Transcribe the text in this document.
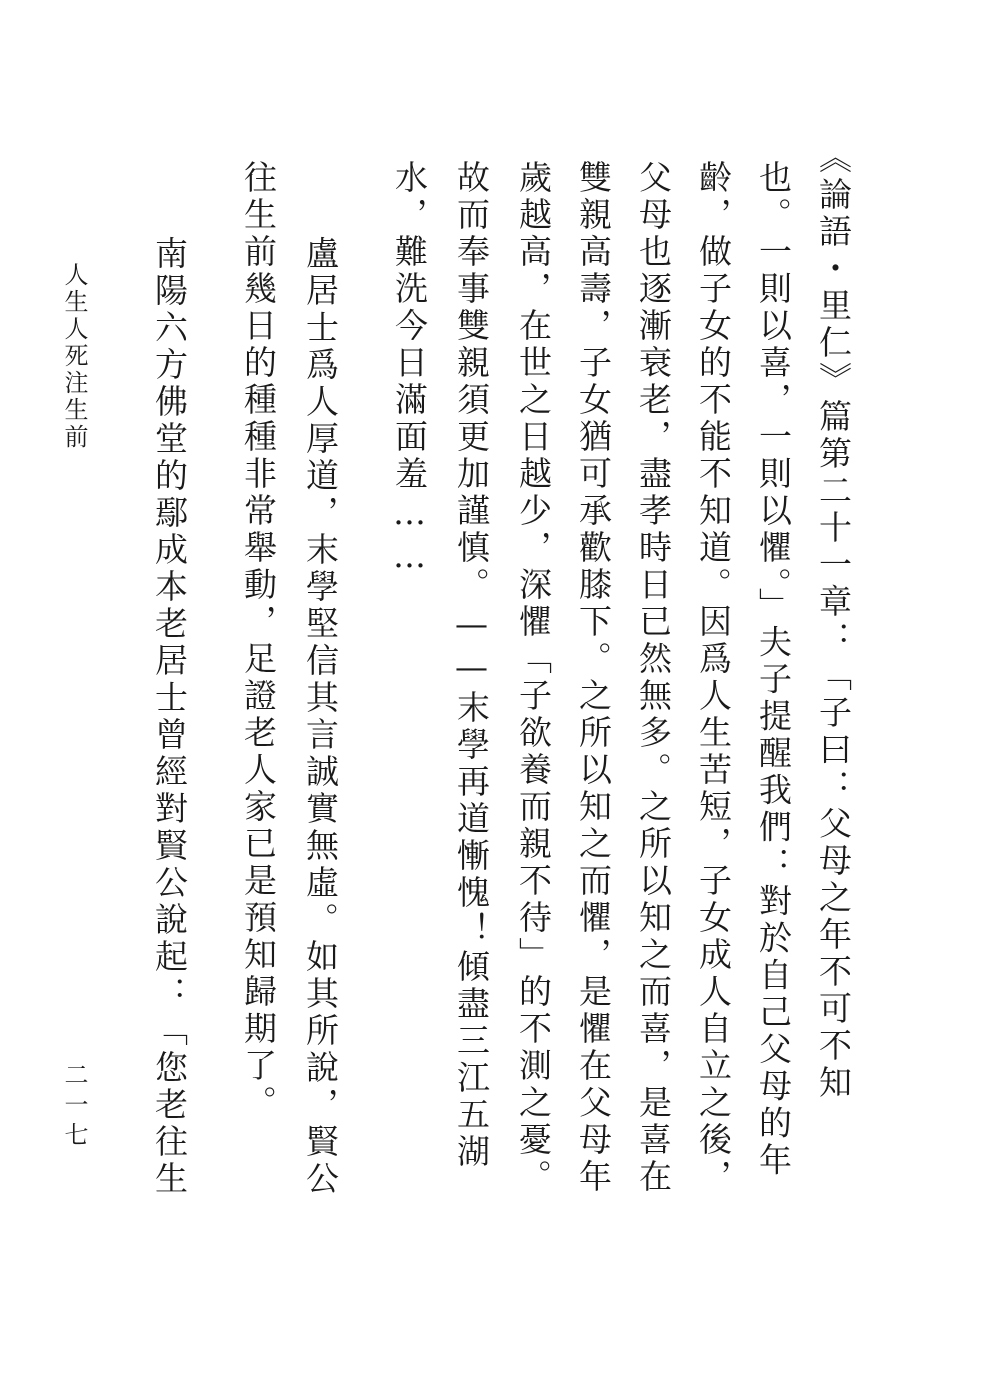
《論語・里仁》篇第二十一章：「子曰：父母之年不可不知
也。一則以喜，一則以懼。」夫子提醒我們：對於自己父母的年
齡，做子女的不能不知道。因爲人生苦短，子女成人自立之後，
父母也逐漸衰老，盡孝時日已然無多。之所以知之而喜，是喜在
雙親高壽，子女猶可承歡膝下。之所以知之而懼，是懼在父母年
歲越高，在世之日越少，深懼「子欲養而親不待」的不測之憂。
故而奉事雙親須更加謹慎。——末學再道慚愧！傾盡三江五湖
水，難洗今日滿面羞……
盧居士爲人厚道，末學堅信其言誠實無虛。如其所說，賢公
往生前幾日的種種非常舉動，足證老人家已是預知歸期了。
南陽六方佛堂的鄢成本老居士曾經對賢公說起：「您老往生
人生人死注生前
二一七
